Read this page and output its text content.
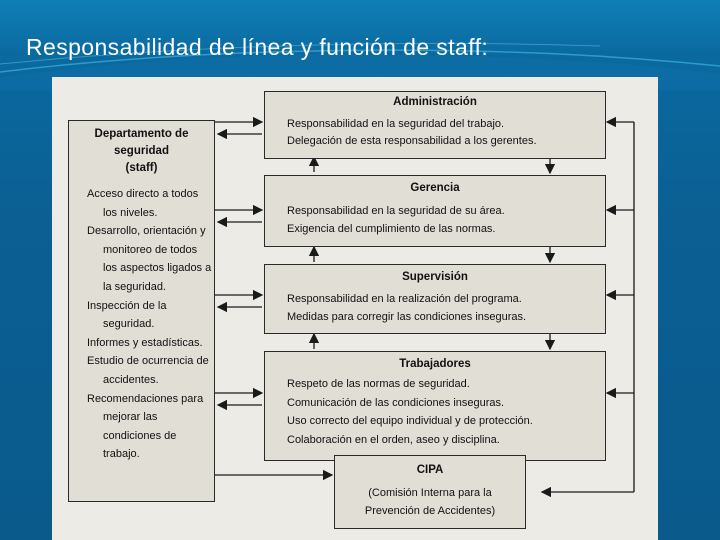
Responsabilidad de línea y función de staff:
Departamento de
seguridad
(staff)
Acceso directo a todos los niveles.
Desarrollo, orientación y monitoreo de todos los aspectos ligados a la seguridad.
Inspección de la seguridad.
Informes y estadísticas.
Estudio de ocurrencia de accidentes.
Recomendaciones para mejorar las condiciones de trabajo.
Administración
Responsabilidad en la seguridad del trabajo.
Delegación de esta responsabilidad a los gerentes.
Gerencia
Responsabilidad en la seguridad de su área.
Exigencia del cumplimiento de las normas.
Supervisión
Responsabilidad en la realización del programa.
Medidas para corregir las condiciones inseguras.
Trabajadores
Respeto de las normas de seguridad.
Comunicación de las condiciones inseguras.
Uso correcto del equipo individual y de protección.
Colaboración en el orden, aseo y disciplina.
CIPA
(Comisión Interna para la
Prevención de Accidentes)
